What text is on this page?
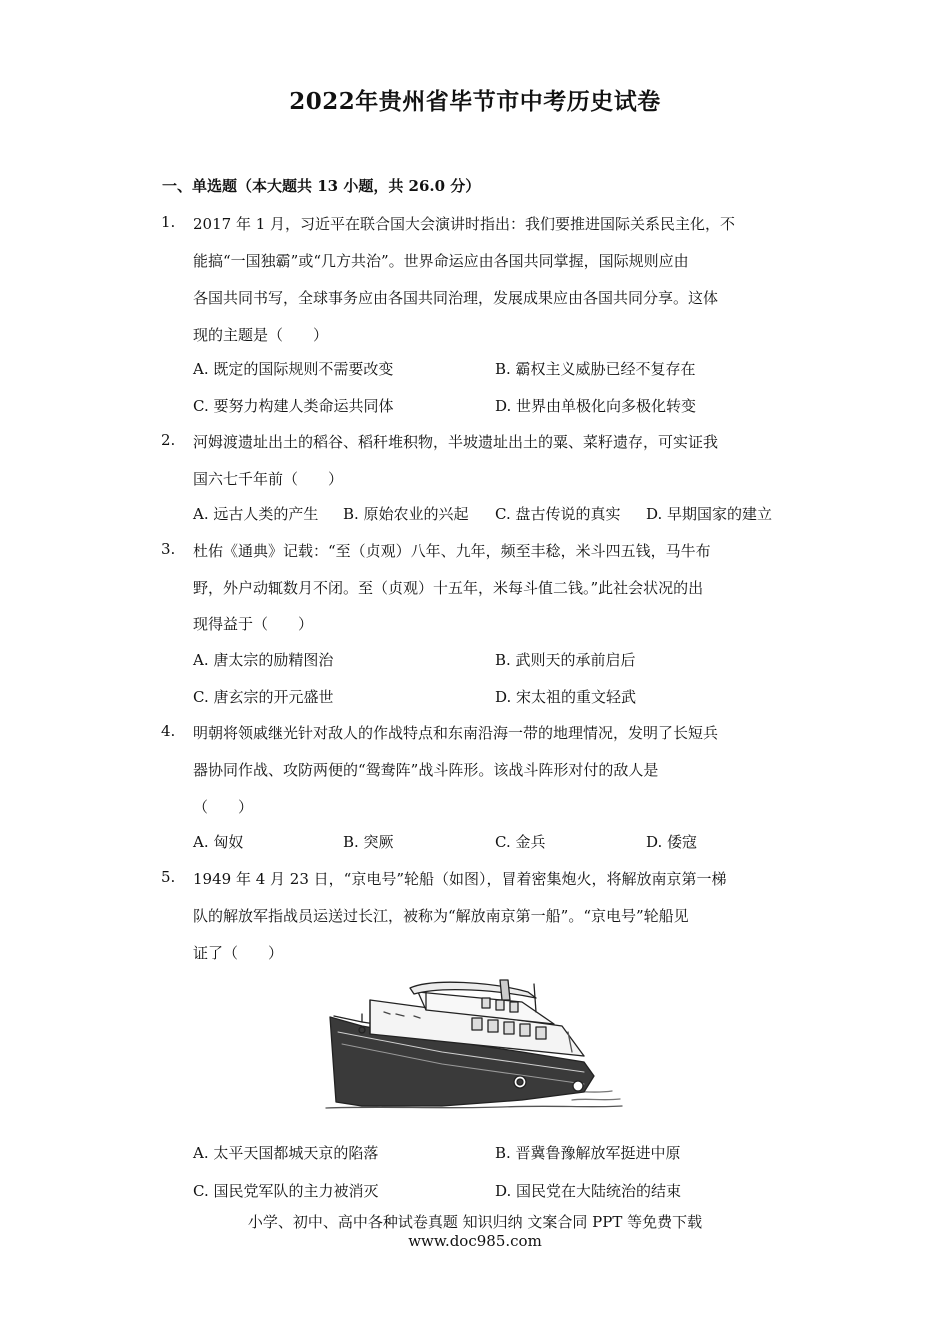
2022年贵州省毕节市中考历史试卷
一、单选题（本大题共 13 小题，共 26.0 分）
1. 2017 年 1 月，习近平在联合国大会演讲时指出：我们要推进国际关系民主化，不
能搞“一国独霸”或“几方共治”。世界命运应由各国共同掌握，国际规则应由
各国共同书写，全球事务应由各国共同治理，发展成果应由各国共同分享。这体
现的主题是（　　）
A. 既定的国际规则不需要改变	B. 霸权主义威胁已经不复存在
C. 要努力构建人类命运共同体	D. 世界由单极化向多极化转变
2. 河姆渡遗址出土的稻谷、稻秆堆积物，半坡遗址出土的粟、菜籽遗存，可实证我
国六七千年前（　　）
A. 远古人类的产生 B. 原始农业的兴起 C. 盘古传说的真实 D. 早期国家的建立
3. 杜佑《通典》记载：“至（贞观）八年、九年，频至丰稔，米斗四五钱，马牛布
野，外户动辄数月不闭。至（贞观）十五年，米每斗值二钱。”此社会状况的出
现得益于（　　）
A. 唐太宗的励精图治	B. 武则天的承前启后
C. 唐玄宗的开元盛世	D. 宋太祖的重文轻武
4. 明朝将领戚继光针对敌人的作战特点和东南沿海一带的地理情况，发明了长短兵
器协同作战、攻防两便的“鸳鸯阵”战斗阵形。该战斗阵形对付的敌人是
（　　）
A. 匈奴	B. 突厥	C. 金兵	D. 倭寇
5. 1949 年 4 月 23 日，“京电号”轮船（如图），冒着密集炮火，将解放南京第一梯
队的解放军指战员运送过长江，被称为“解放南京第一船”。“京电号”轮船见
证了（　　）
A. 太平天国都城天京的陷落	B. 晋冀鲁豫解放军挺进中原
C. 国民党军队的主力被消灭	D. 国民党在大陆统治的结束
小学、初中、高中各种试卷真题 知识归纳 文案合同 PPT 等免费下载
www.doc985.com
